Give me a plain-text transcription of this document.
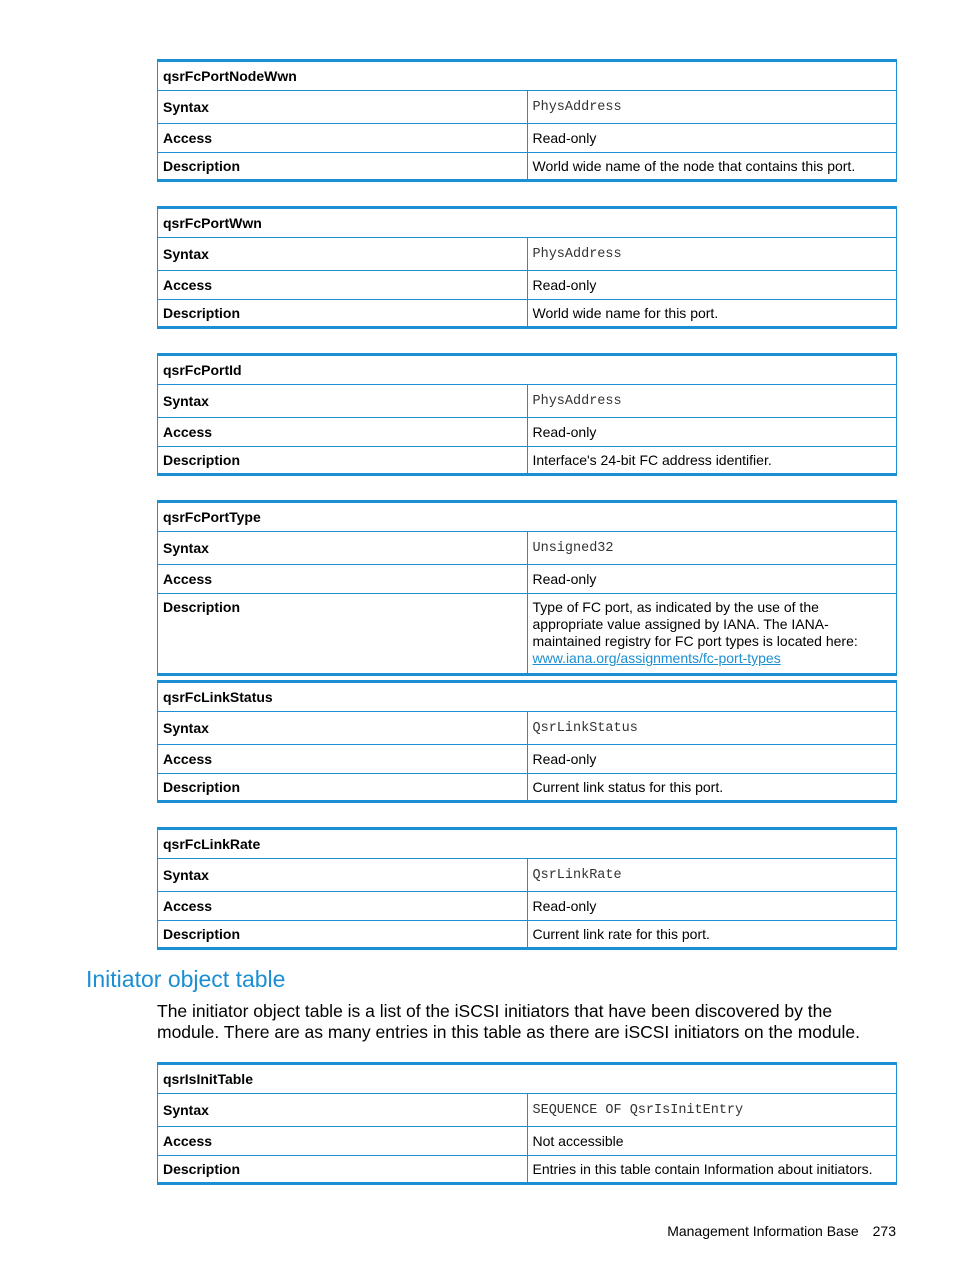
qsrFcPortNodeWwn	
Syntax	PhysAddress
Access	Read-only
Description	World wide name of the node that contains this port.
qsrFcPortWwn	
Syntax	PhysAddress
Access	Read-only
Description	World wide name for this port.
qsrFcPortId	
Syntax	PhysAddress
Access	Read-only
Description	Interface's 24-bit FC address identifier.
qsrFcPortType	
Syntax	Unsigned32
Access	Read-only
Description	Type of FC port, as indicated by the use of the appropriate value assigned by IANA. The IANA-maintained registry for FC port types is located here:
www.iana.org/assignments/fc-port-types
qsrFcLinkStatus	
Syntax	QsrLinkStatus
Access	Read-only
Description	Current link status for this port.
qsrFcLinkRate	
Syntax	QsrLinkRate
Access	Read-only
Description	Current link rate for this port.
Initiator object table

The initiator object table is a list of the iSCSI initiators that have been discovered by the module. There are as many entries in this table as there are iSCSI initiators on the module.

qsrIsInitTable	
Syntax	SEQUENCE OF QsrIsInitEntry
Access	Not accessible
Description	Entries in this table contain Information about initiators.
Management Information Base 273
